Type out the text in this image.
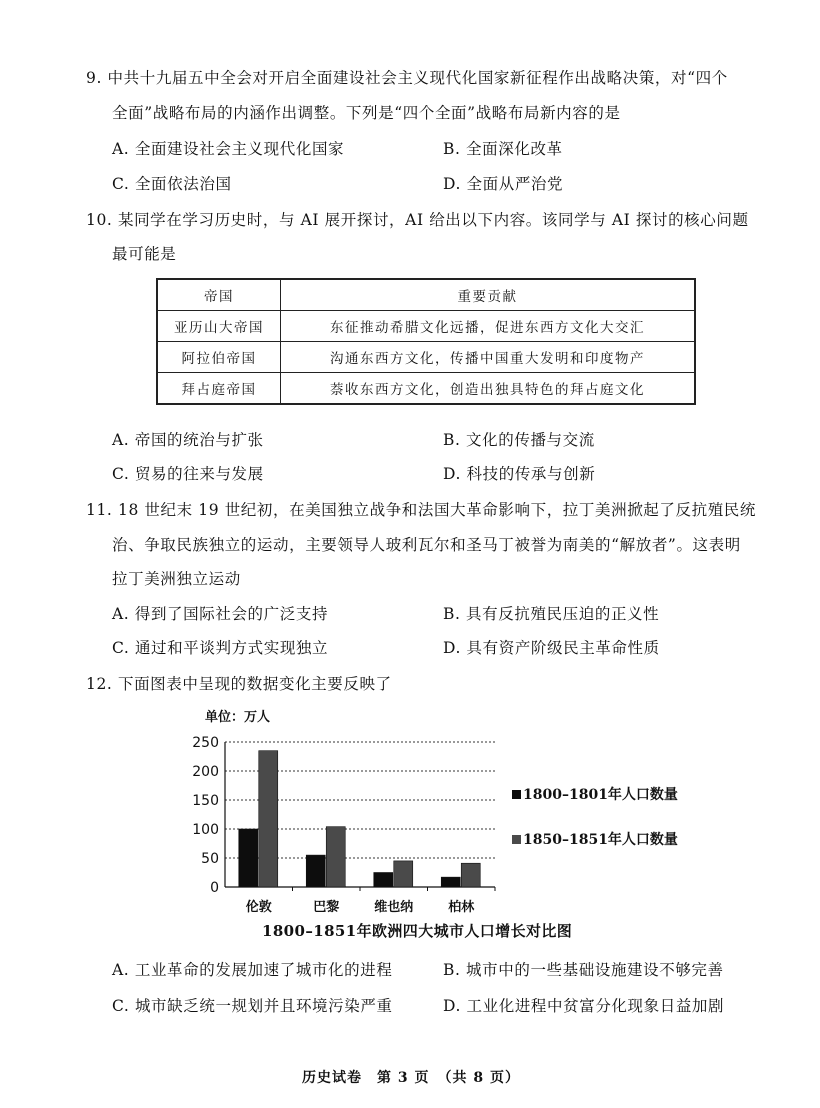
9. 中共十九届五中全会对开启全面建设社会主义现代化国家新征程作出战略决策，对“四个
全面”战略布局的内涵作出调整。下列是“四个全面”战略布局新内容的是
A. 全面建设社会主义现代化国家	B. 全面深化改革
C. 全面依法治国	D. 全面从严治党
10. 某同学在学习历史时，与 AI 展开探讨，AI 给出以下内容。该同学与 AI 探讨的核心问题
最可能是
帝国	重要贡献
亚历山大帝国	东征推动希腊文化远播，促进东西方文化大交汇
阿拉伯帝国	沟通东西方文化，传播中国重大发明和印度物产
拜占庭帝国	萘收东西方文化，创造出独具特色的拜占庭文化
A. 帝国的统治与扩张	B. 文化的传播与交流
C. 贸易的往来与发展	D. 科技的传承与创新
11. 18 世纪末 19 世纪初，在美国独立战争和法国大革命影响下，拉丁美洲掀起了反抗殖民统
治、争取民族独立的运动，主要领导人玻利瓦尔和圣马丁被誉为南美的“解放者”。这表明
拉丁美洲独立运动
A. 得到了国际社会的广泛支持	B. 具有反抗殖民压迫的正义性
C. 通过和平谈判方式实现独立	D. 具有资产阶级民主革命性质
12. 下面图表中呈现的数据变化主要反映了
单位：万人
0
50
100
150
200
250
伦敦	巴黎	维也纳	柏林
1800–1801年人口数量
1850–1851年人口数量
1800–1851年欧洲四大城市人口增长对比图
A. 工业革命的发展加速了城市化的进程	B. 城市中的一些基础设施建设不够完善
C. 城市缺乏统一规划并且环境污染严重	D. 工业化进程中贫富分化现象日益加剧
历史试卷　第 3 页　（共 8 页）
